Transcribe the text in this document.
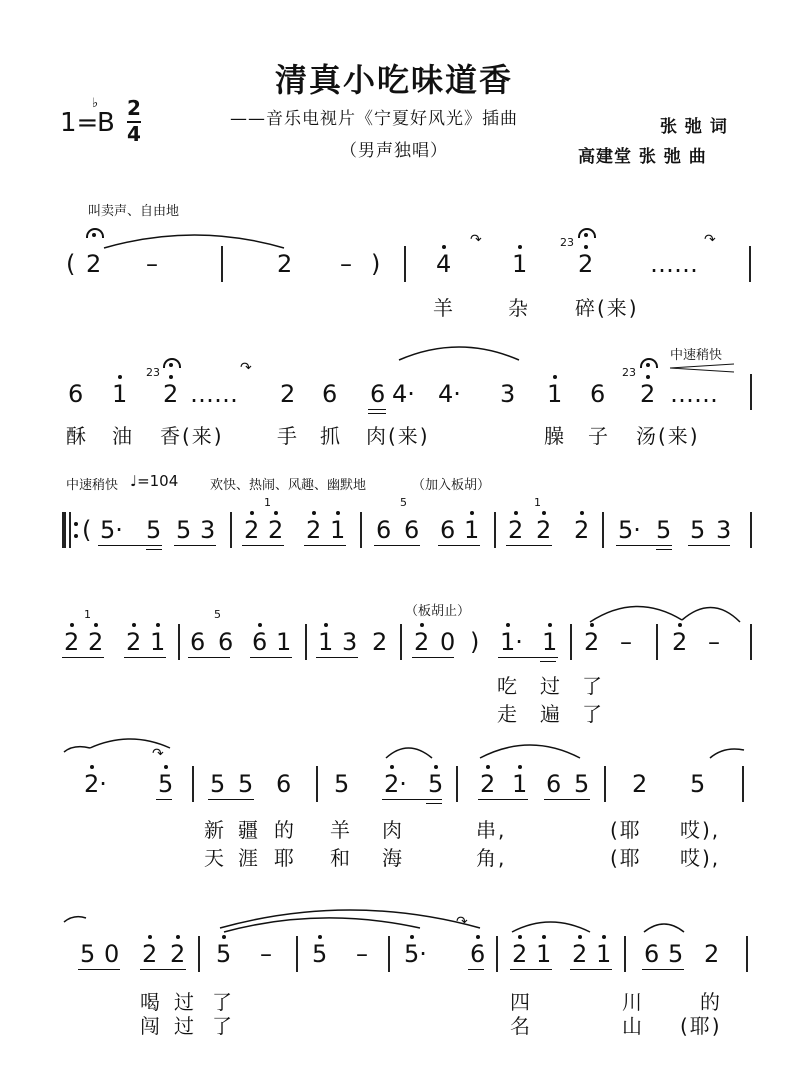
清真小吃味道香
——音乐电视片《宁夏好风光》插曲
（男声独唱）
1=
♭
B 2
4	张 弛 词
高建堂 张 弛 曲
叫卖声、自由地
( 2 –	2 – ) 4	1 2 ……
23
↷	↷
羊	杂 碎(来)
中速稍快
6 1 2 …… 2 6 6 4· 4· 3 1 6 2 ……
23	23
↷
酥 油 香(来)	手 抓 肉(来)	臊 子 汤(来)
中速稍快 ♩=104 欢快、热闹、风趣、幽默地	（加入板胡）
( 5· 5 5 3 2 2 2 1 6 6 6 1 2 2 2 5· 5 5 3
1	5	1
（板胡止）
2 2 2 1 6 6 6 1 1 3 2 2 0 ) 1· 1 2 – 2 –
1	5
吃 过 了
走 遍 了
↷
2· 5 5 5 6 5 2· 5 2 1 6 5 2 5
新 疆 的 羊 肉	串,	(耶 哎),
天 涯 耶 和 海	角,	(耶 哎),
↷
5 0 2 2 5 – 5 – 5· 6 2 1 2 1 6 5 2
喝 过 了	四	川	的
闯 过 了	名	山 (耶)
